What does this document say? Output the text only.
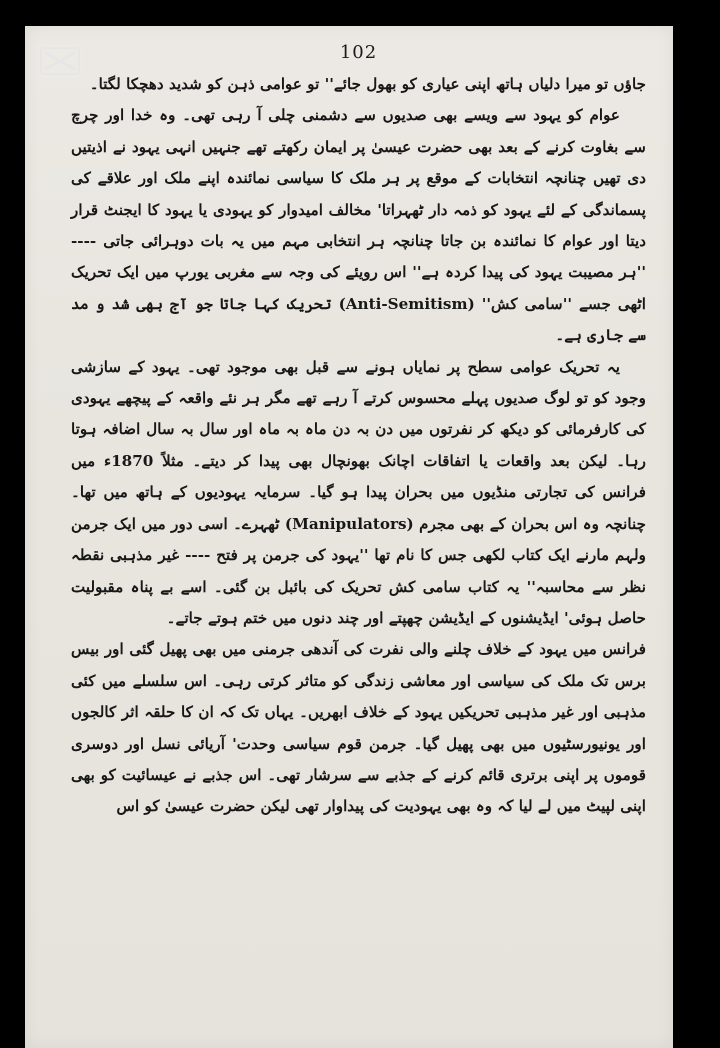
102

جاؤں تو میرا دلیاں ہاتھ اپنی عیاری کو بھول جائے'' تو عوامی ذہن کو شدید دھچکا لگتا۔

عوام کو یہود سے ویسے بھی صدیوں سے دشمنی چلی آ رہی تھی۔ وہ خدا اور چرچ سے بغاوت کرنے کے بعد بھی حضرت عیسیٰ پر ایمان رکھتے تھے جنہیں انہی یہود نے اذیتیں دی تھیں چنانچہ انتخابات کے موقع پر ہر ملک کا سیاسی نمائندہ اپنے ملک اور علاقے کی پسماندگی کے لئے یہود کو ذمہ دار ٹھہراتا' مخالف امیدوار کو یہودی یا یہود کا ایجنٹ قرار دیتا اور عوام کا نمائندہ بن جاتا چنانچہ ہر انتخابی مہم میں یہ بات دوہرائی جاتی ---- ''ہر مصیبت یہود کی پیدا کردہ ہے'' اس رویئے کی وجہ سے مغربی یورپ میں ایک تحریک اٹھی جسے ''سامی کش'' (Anti-Semitism) تحریک کہا جاتا جو آج بھی شد و مد سے جاری ہے۔

یہ تحریک عوامی سطح پر نمایاں ہونے سے قبل بھی موجود تھی۔ یہود کے سازشی وجود کو تو لوگ صدیوں پہلے محسوس کرتے آ رہے تھے مگر ہر نئے واقعہ کے پیچھے یہودی کی کارفرمائی کو دیکھ کر نفرتوں میں دن بہ دن ماہ بہ ماہ اور سال بہ سال اضافہ ہوتا رہا۔ لیکن بعد واقعات یا اتفاقات اچانک بھونچال بھی پیدا کر دیتے۔ مثلاً 1870ء میں فرانس کی تجارتی منڈیوں میں بحران پیدا ہو گیا۔ سرمایہ یہودیوں کے ہاتھ میں تھا۔ چنانچہ وہ اس بحران کے بھی مجرم (Manipulators) ٹھہرے۔ اسی دور میں ایک جرمن ولہم مارنے ایک کتاب لکھی جس کا نام تھا ''یہود کی جرمن پر فتح ---- غیر مذہبی نقطہ نظر سے محاسبہ'' یہ کتاب سامی کش تحریک کی بائبل بن گئی۔ اسے بے پناہ مقبولیت حاصل ہوئی' ایڈیشنوں کے ایڈیشن چھپتے اور چند دنوں میں ختم ہوتے جاتے۔

فرانس میں یہود کے خلاف چلنے والی نفرت کی آندھی جرمنی میں بھی پھیل گئی اور بیس برس تک ملک کی سیاسی اور معاشی زندگی کو متاثر کرتی رہی۔ اس سلسلے میں کئی مذہبی اور غیر مذہبی تحریکیں یہود کے خلاف ابھریں۔ یہاں تک کہ ان کا حلقہ اثر کالجوں اور یونیورسٹیوں میں بھی پھیل گیا۔ جرمن قوم سیاسی وحدت' آریائی نسل اور دوسری قوموں پر اپنی برتری قائم کرنے کے جذبے سے سرشار تھی۔ اس جذبے نے عیسائیت کو بھی اپنی لپیٹ میں لے لیا کہ وہ بھی یہودیت کی پیداوار تھی لیکن حضرت عیسیٰ کو اس
